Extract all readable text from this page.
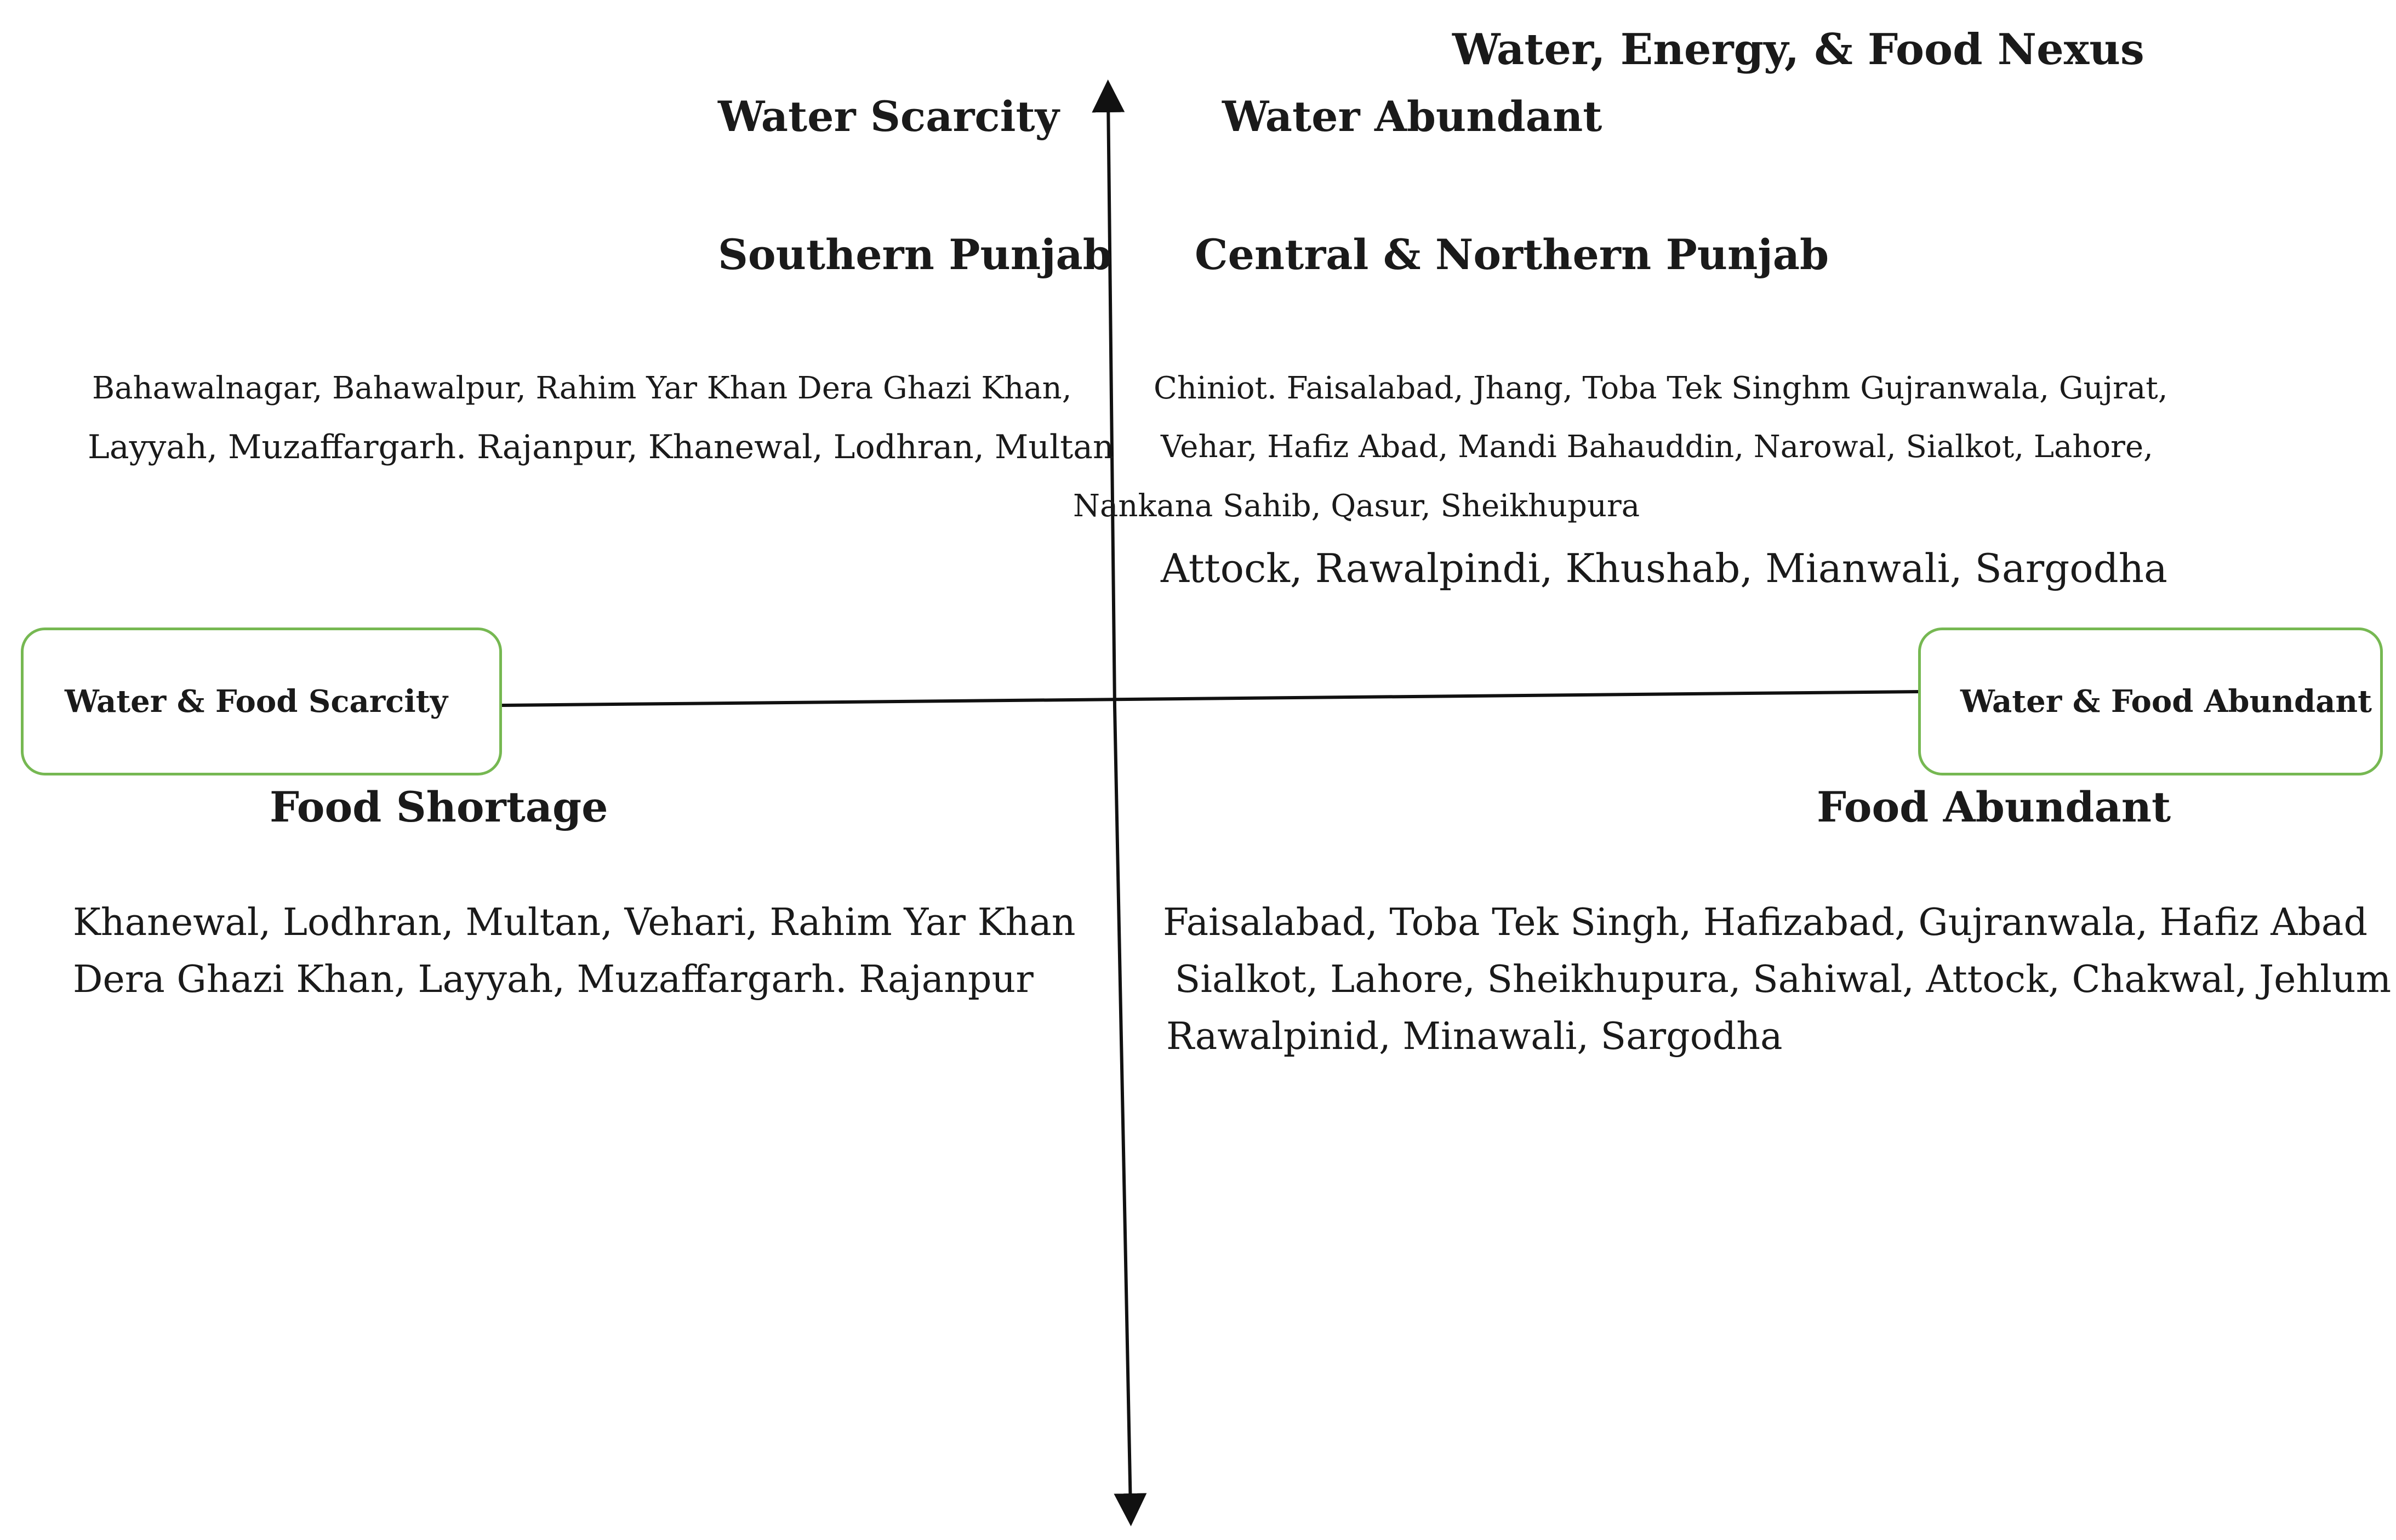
Water, Energy, & Food Nexus
Water Scarcity
Southern Punjab
Bahawalnagar, Bahawalpur, Rahim Yar Khan Dera Ghazi Khan,
Layyah, Muzaffargarh. Rajanpur, Khanewal, Lodhran, Multan
Water Abundant
Central & Northern Punjab
Chiniot. Faisalabad, Jhang, Toba Tek Singhm Gujranwala, Gujrat,
Vehar, Hafiz Abad, Mandi Bahauddin, Narowal, Sialkot, Lahore,
Nankana Sahib, Qasur, Sheikhupura
Attock, Rawalpindi, Khushab, Mianwali, Sargodha
Water & Food Scarcity	Water & Food Abundant
Food Shortage
Khanewal, Lodhran, Multan, Vehari, Rahim Yar Khan
Dera Ghazi Khan, Layyah, Muzaffargarh. Rajanpur
Food Abundant
Faisalabad, Toba Tek Singh, Hafizabad, Gujranwala, Hafiz Abad
Sialkot, Lahore, Sheikhupura, Sahiwal, Attock, Chakwal, Jehlum
Rawalpinid, Minawali, Sargodha
